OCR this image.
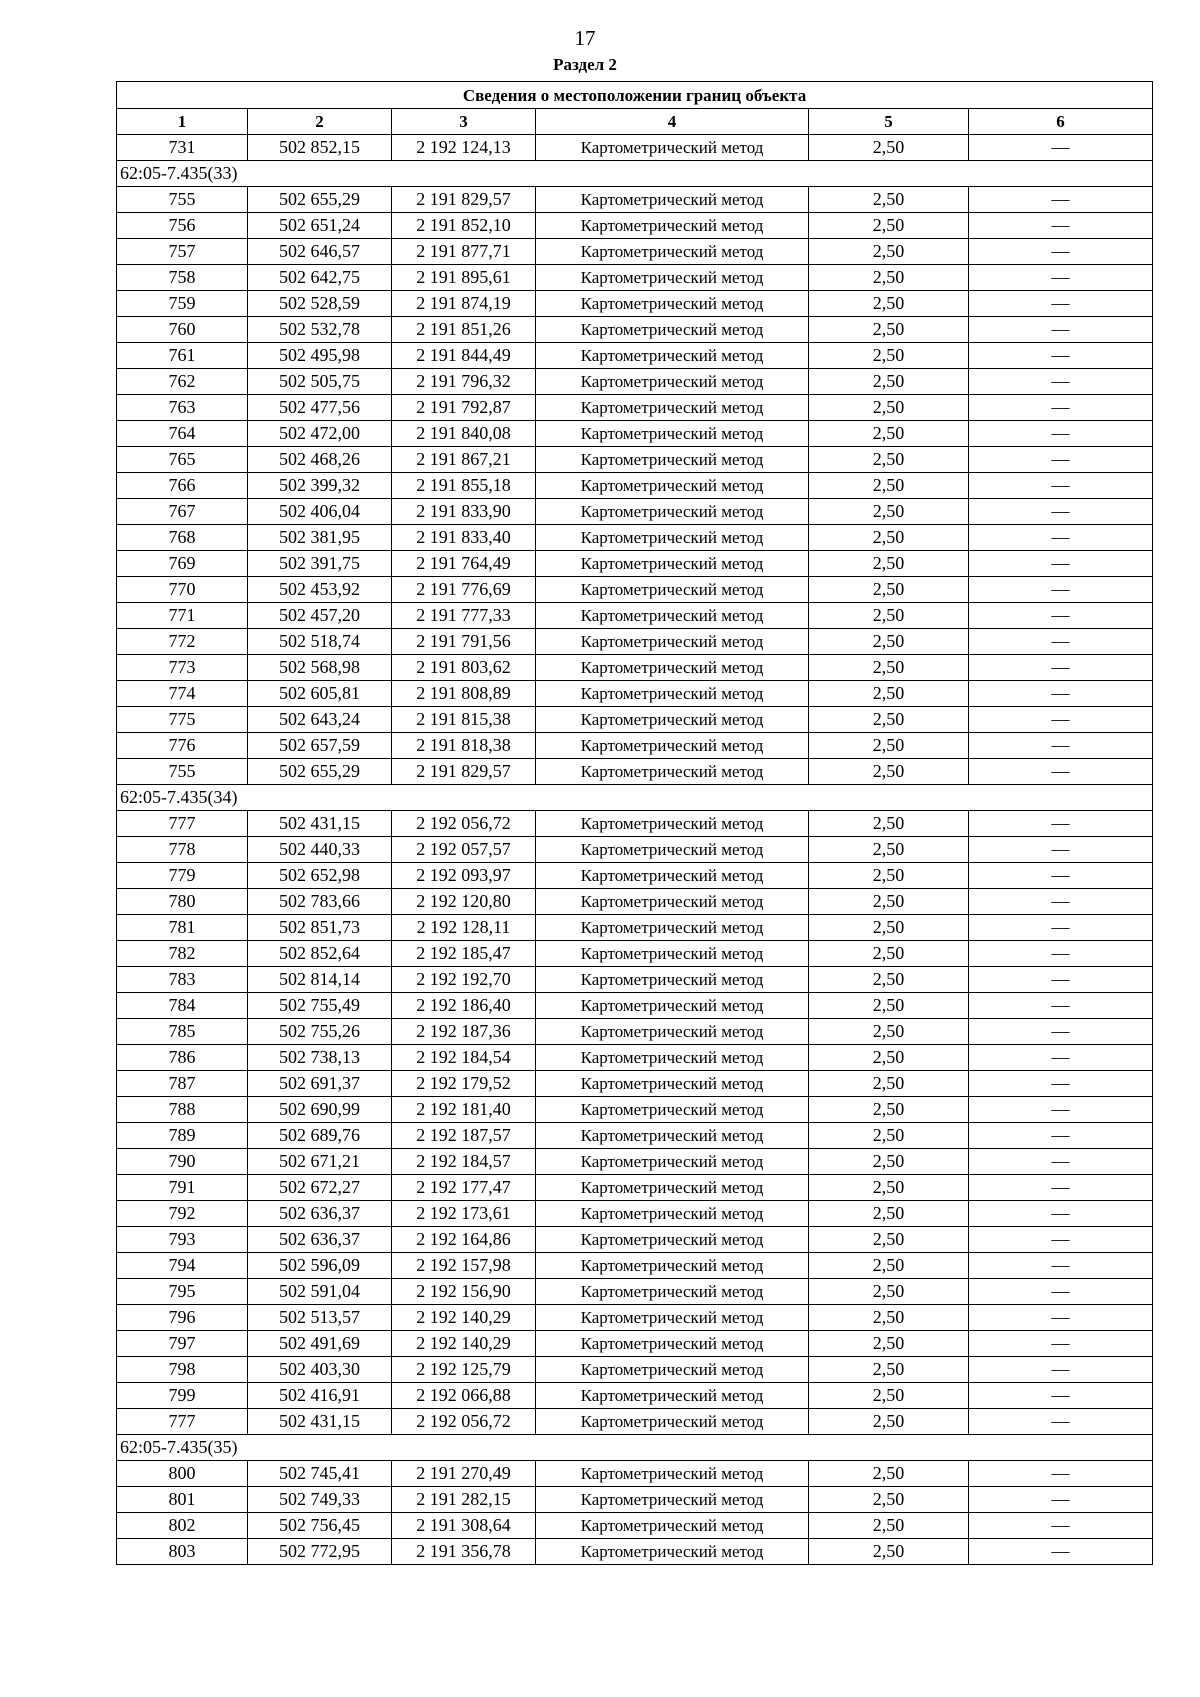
17
Раздел 2
Сведения о местоположении границ объекта					
1	2	3	4	5	6
731	502 852,15	2 192 124,13	Картометрический метод	2,50	—
62:05-7.435(33)					
755	502 655,29	2 191 829,57	Картометрический метод	2,50	—
756	502 651,24	2 191 852,10	Картометрический метод	2,50	—
757	502 646,57	2 191 877,71	Картометрический метод	2,50	—
758	502 642,75	2 191 895,61	Картометрический метод	2,50	—
759	502 528,59	2 191 874,19	Картометрический метод	2,50	—
760	502 532,78	2 191 851,26	Картометрический метод	2,50	—
761	502 495,98	2 191 844,49	Картометрический метод	2,50	—
762	502 505,75	2 191 796,32	Картометрический метод	2,50	—
763	502 477,56	2 191 792,87	Картометрический метод	2,50	—
764	502 472,00	2 191 840,08	Картометрический метод	2,50	—
765	502 468,26	2 191 867,21	Картометрический метод	2,50	—
766	502 399,32	2 191 855,18	Картометрический метод	2,50	—
767	502 406,04	2 191 833,90	Картометрический метод	2,50	—
768	502 381,95	2 191 833,40	Картометрический метод	2,50	—
769	502 391,75	2 191 764,49	Картометрический метод	2,50	—
770	502 453,92	2 191 776,69	Картометрический метод	2,50	—
771	502 457,20	2 191 777,33	Картометрический метод	2,50	—
772	502 518,74	2 191 791,56	Картометрический метод	2,50	—
773	502 568,98	2 191 803,62	Картометрический метод	2,50	—
774	502 605,81	2 191 808,89	Картометрический метод	2,50	—
775	502 643,24	2 191 815,38	Картометрический метод	2,50	—
776	502 657,59	2 191 818,38	Картометрический метод	2,50	—
755	502 655,29	2 191 829,57	Картометрический метод	2,50	—
62:05-7.435(34)					
777	502 431,15	2 192 056,72	Картометрический метод	2,50	—
778	502 440,33	2 192 057,57	Картометрический метод	2,50	—
779	502 652,98	2 192 093,97	Картометрический метод	2,50	—
780	502 783,66	2 192 120,80	Картометрический метод	2,50	—
781	502 851,73	2 192 128,11	Картометрический метод	2,50	—
782	502 852,64	2 192 185,47	Картометрический метод	2,50	—
783	502 814,14	2 192 192,70	Картометрический метод	2,50	—
784	502 755,49	2 192 186,40	Картометрический метод	2,50	—
785	502 755,26	2 192 187,36	Картометрический метод	2,50	—
786	502 738,13	2 192 184,54	Картометрический метод	2,50	—
787	502 691,37	2 192 179,52	Картометрический метод	2,50	—
788	502 690,99	2 192 181,40	Картометрический метод	2,50	—
789	502 689,76	2 192 187,57	Картометрический метод	2,50	—
790	502 671,21	2 192 184,57	Картометрический метод	2,50	—
791	502 672,27	2 192 177,47	Картометрический метод	2,50	—
792	502 636,37	2 192 173,61	Картометрический метод	2,50	—
793	502 636,37	2 192 164,86	Картометрический метод	2,50	—
794	502 596,09	2 192 157,98	Картометрический метод	2,50	—
795	502 591,04	2 192 156,90	Картометрический метод	2,50	—
796	502 513,57	2 192 140,29	Картометрический метод	2,50	—
797	502 491,69	2 192 140,29	Картометрический метод	2,50	—
798	502 403,30	2 192 125,79	Картометрический метод	2,50	—
799	502 416,91	2 192 066,88	Картометрический метод	2,50	—
777	502 431,15	2 192 056,72	Картометрический метод	2,50	—
62:05-7.435(35)					
800	502 745,41	2 191 270,49	Картометрический метод	2,50	—
801	502 749,33	2 191 282,15	Картометрический метод	2,50	—
802	502 756,45	2 191 308,64	Картометрический метод	2,50	—
803	502 772,95	2 191 356,78	Картометрический метод	2,50	—
